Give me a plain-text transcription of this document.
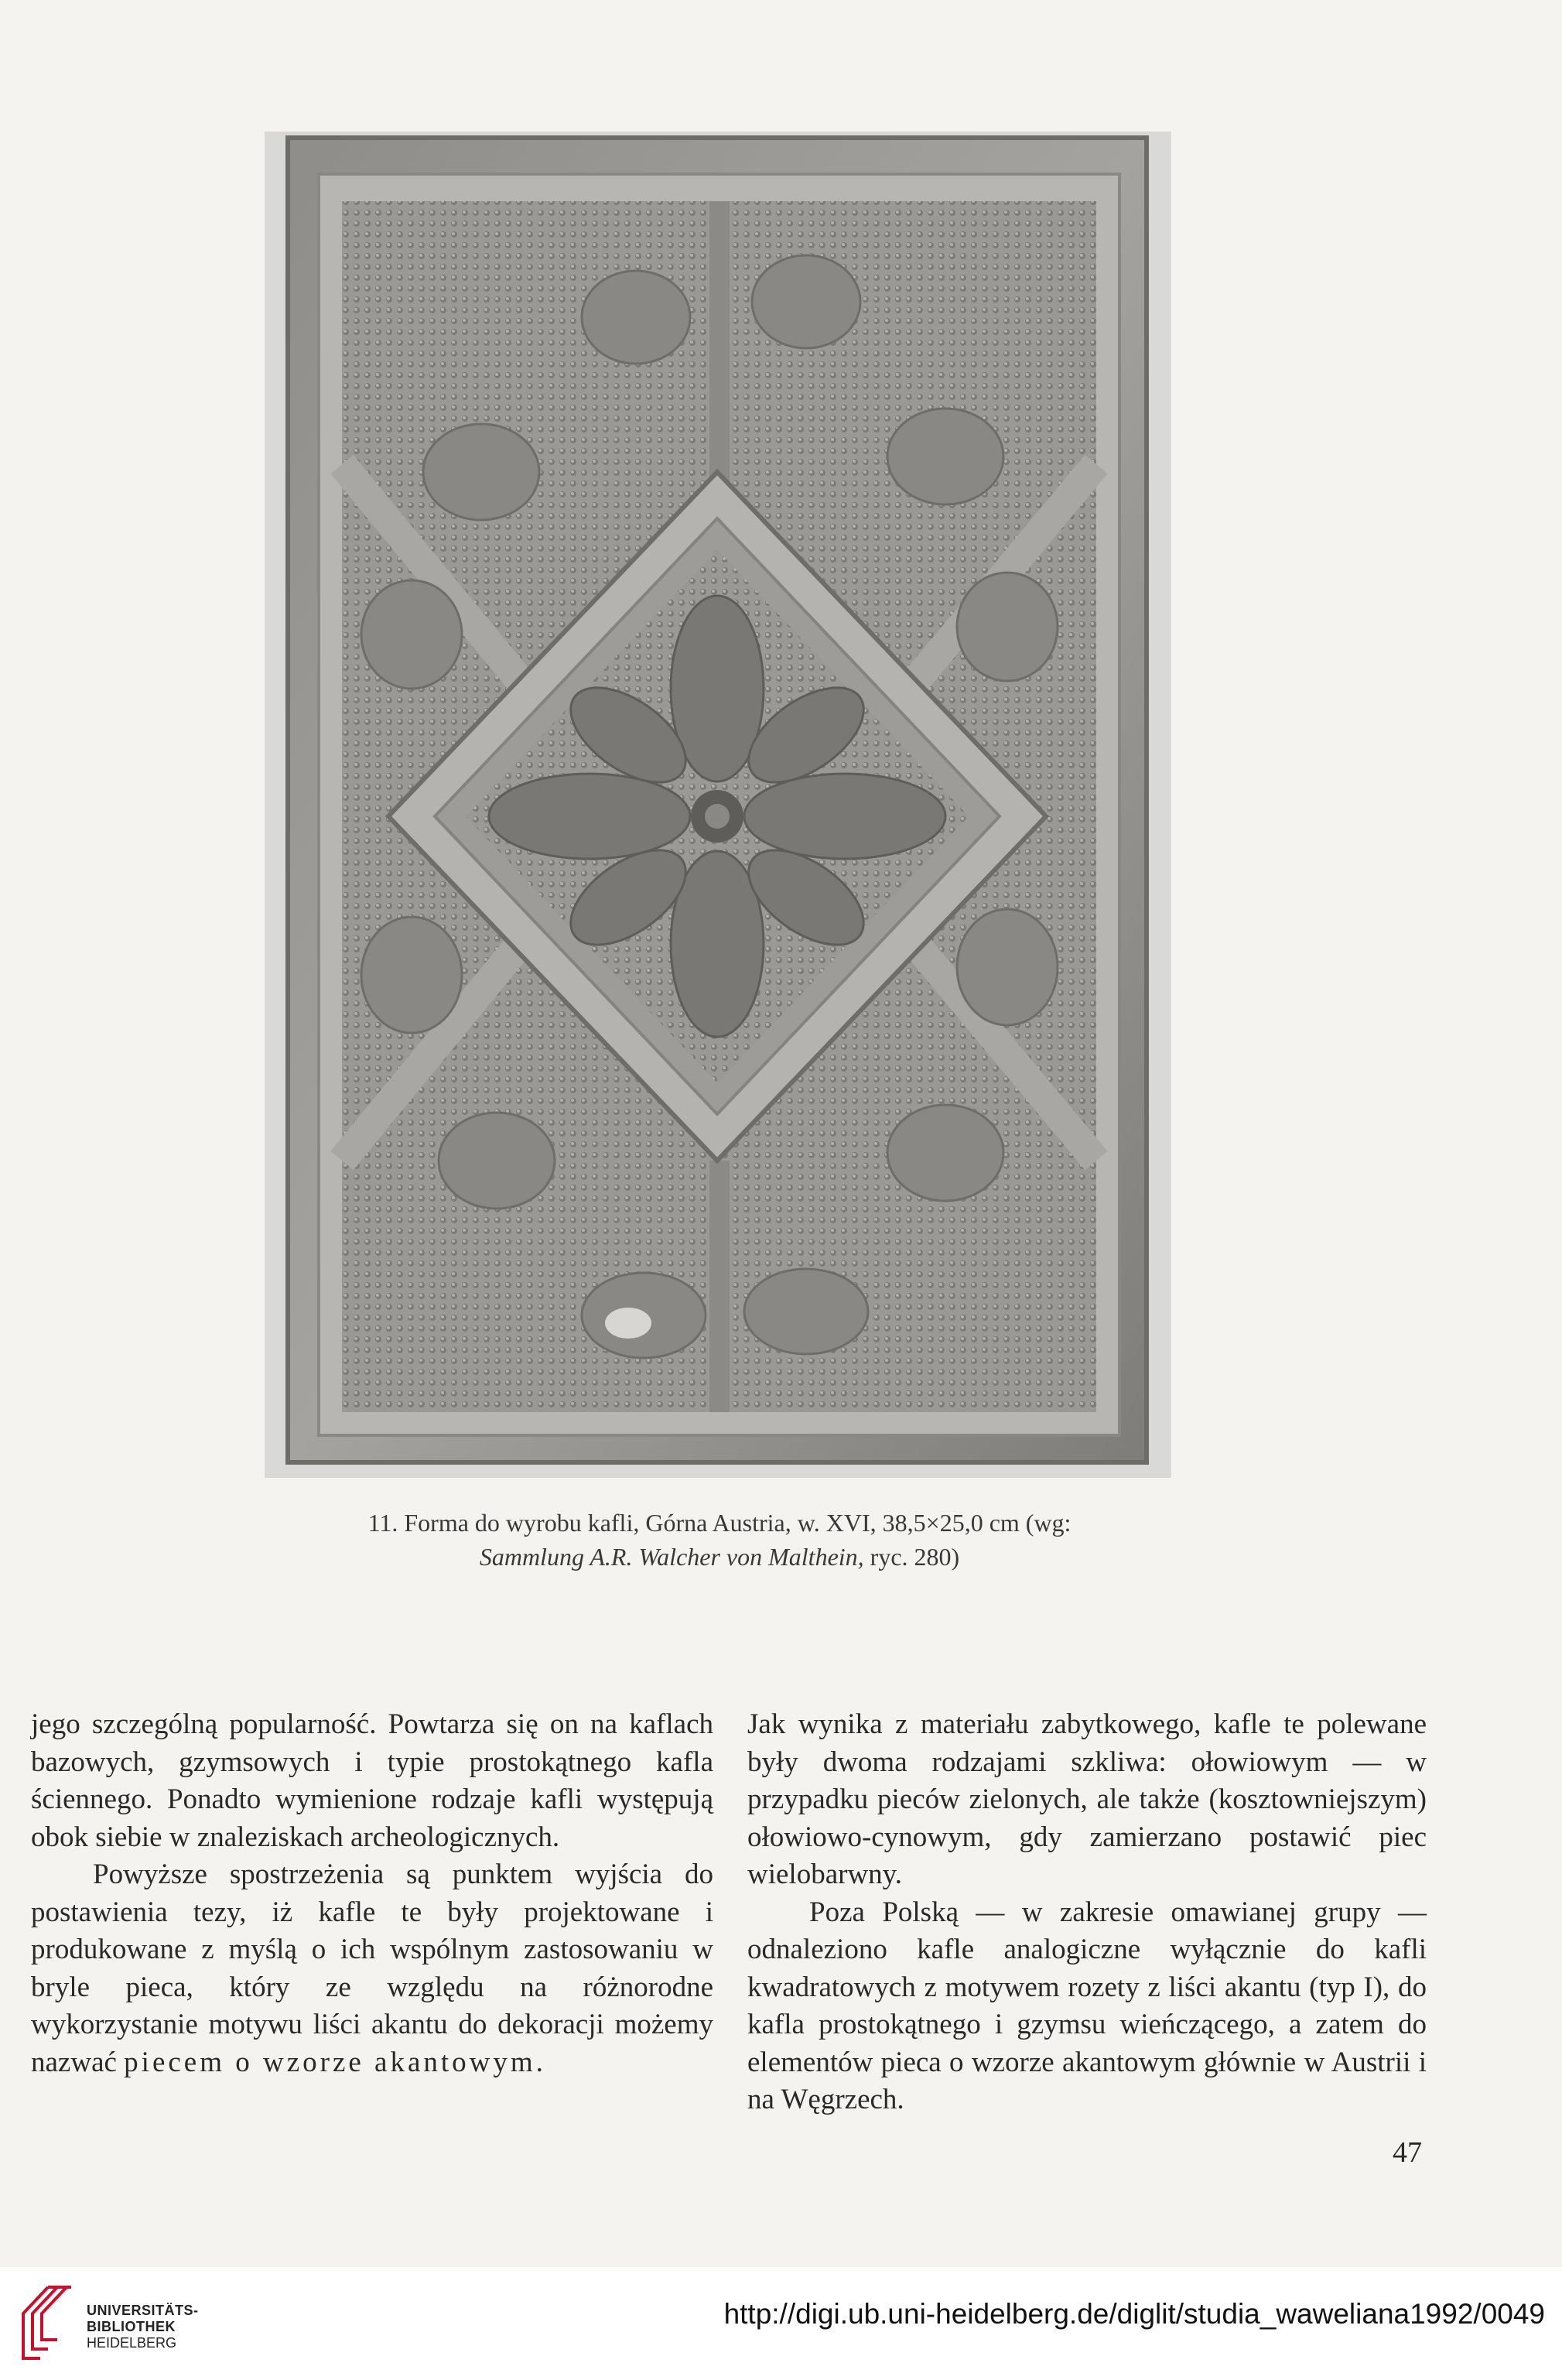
11. Forma do wyrobu kafli, Górna Austria, w. XVI, 38,5×25,0 cm (wg:
Sammlung A.R. Walcher von Malthein, ryc. 280)

jego szczególną popularność. Powtarza się on na kaflach bazowych, gzymsowych i typie prostokątnego kafla ściennego. Ponadto wymienione rodzaje kafli występują obok siebie w znaleziskach archeologicznych.

Powyższe spostrzeżenia są punktem wyjścia do postawienia tezy, iż kafle te były projektowane i produkowane z myślą o ich wspólnym zastosowaniu w bryle pieca, który ze względu na różnorodne wykorzystanie motywu liści akantu do dekoracji możemy nazwać piecem o wzorze akantowym.

Jak wynika z materiału zabytkowego, kafle te polewane były dwoma rodzajami szkliwa: ołowiowym — w przypadku pieców zielonych, ale także (kosztowniejszym) ołowiowo-cynowym, gdy zamierzano postawić piec wielobarwny.

Poza Polską — w zakresie omawianej grupy — odnaleziono kafle analogiczne wyłącznie do kafli kwadratowych z motywem rozety z liści akantu (typ I), do kafla prostokątnego i gzymsu wieńczącego, a zatem do elementów pieca o wzorze akantowym głównie w Austrii i na Węgrzech.

47
UNIVERSITÄTS-
BIBLIOTHEK
HEIDELBERG
http://digi.ub.uni-heidelberg.de/diglit/studia_waweliana1992/0049
